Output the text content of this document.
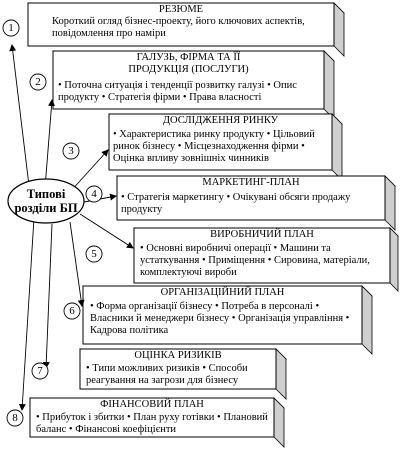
1
2
3
4
5
6
7
8
Типові
розділи БП
РЕЗЮМЕ
Короткий огляд бізнес-проекту, його ключових аспектів, повідомлення про наміри
ГАЛУЗЬ, ФІРМА ТА ЇЇ ПРОДУКЦІЯ (ПОСЛУГИ)
• Поточна ситуація і тенденції розвитку галузі • Опис продукту • Стратегія фірми • Права власності
ДОСЛІДЖЕННЯ РИНКУ
• Характеристика ринку продукту • Цільовий ринок бізнесу • Місцезнаходження фірми • Оцінка впливу зовнішніх чинників
МАРКЕТИНГ-ПЛАН
• Стратегія маркетингу • Очікувані обсяги продажу продукту
ВИРОБНИЧИЙ ПЛАН
• Основні виробничі операції • Машини та устаткування • Приміщення • Сировина, матеріали, комплектуючі вироби
ОРГАНІЗАЦІЙНИЙ ПЛАН
• Форма організації бізнесу • Потреба в персоналі • Власники й менеджери бізнесу • Організація управління • Кадрова політика
ОЦІНКА РИЗИКІВ
• Типи можливих ризиків • Способи реагування на загрози для бізнесу
ФІНАНСОВИЙ ПЛАН
• Прибуток і збитки • План руху готівки • Плановий баланс • Фінансові коефіцієнти
